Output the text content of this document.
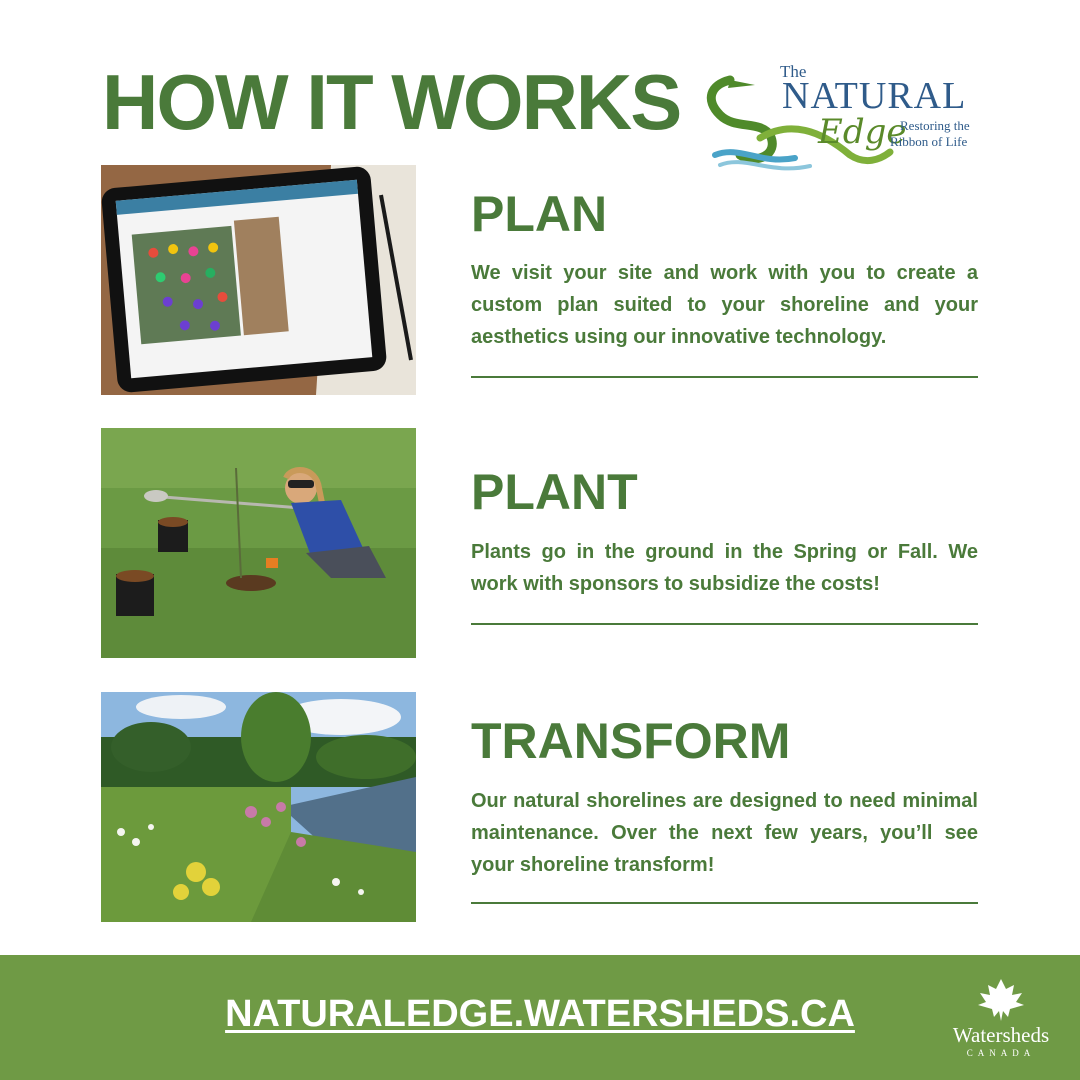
HOW IT WORKS	The
NATURAL
Edge
Restoring the
Ribbon of Life
PLAN
We visit your site and work with you to create a custom plan suited to your shoreline and your aesthetics using our innovative technology.
PLANT
Plants go in the ground in the Spring or Fall. We work with sponsors to subsidize the costs!
TRANSFORM
Our natural shorelines are designed to need minimal maintenance. Over the next few years, you’ll see your shoreline transform!
NATURALEDGE.WATERSHEDS.CA	Watersheds
CANADA
